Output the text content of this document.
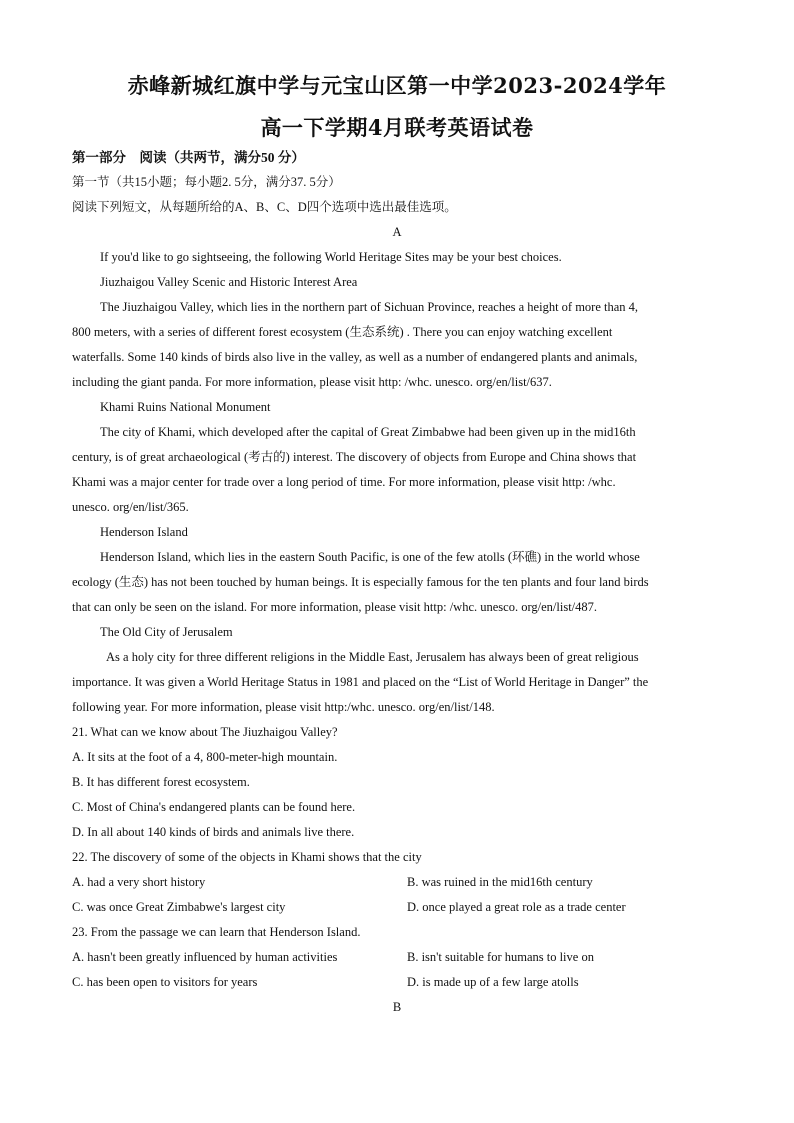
赤峰新城红旗中学与元宝山区第一中学2023-2024学年
高一下学期4月联考英语试卷
第一部分　阅读（共两节，满分50 分）
第一节（共15小题；每小题2. 5分，满分37. 5分）
阅读下列短文，从每题所给的A、B、C、D四个选项中选出最佳选项。
A
If you'd like to go sightseeing, the following World Heritage Sites may be your best choices.
Jiuzhaigou Valley Scenic and Historic Interest Area
The Jiuzhaigou Valley, which lies in the northern part of Sichuan Province, reaches a height of more than 4,
800 meters, with a series of different forest ecosystem (生态系统) . There you can enjoy watching excellent
waterfalls. Some 140 kinds of birds also live in the valley, as well as a number of endangered plants and animals,
including the giant panda. For more information, please visit http: /whc. unesco. org/en/list/637.
Khami Ruins National Monument
The city of Khami, which developed after the capital of Great Zimbabwe had been given up in the mid16th
century, is of great archaeological (考古的) interest. The discovery of objects from Europe and China shows that
Khami was a major center for trade over a long period of time. For more information, please visit http: /whc.
unesco. org/en/list/365.
Henderson Island
Henderson Island, which lies in the eastern South Pacific, is one of the few atolls (环礁) in the world whose
ecology (生态) has not been touched by human beings. It is especially famous for the ten plants and four land birds
that can only be seen on the island. For more information, please visit http: /whc. unesco. org/en/list/487.
The Old City of Jerusalem
As a holy city for three different religions in the Middle East, Jerusalem has always been of great religious
importance. It was given a World Heritage Status in 1981 and placed on the “List of World Heritage in Danger” the
following year. For more information, please visit http:/whc. unesco. org/en/list/148.
21. What can we know about The Jiuzhaigou Valley?
A. It sits at the foot of a 4, 800-meter-high mountain.
B. It has different forest ecosystem.
C. Most of China's endangered plants can be found here.
D. In all about 140 kinds of birds and animals live there.
22. The discovery of some of the objects in Khami shows that the city
A. had a very short history	B. was ruined in the mid16th century
C. was once Great Zimbabwe's largest city	D. once played a great role as a trade center
23. From the passage we can learn that Henderson Island.
A. hasn't been greatly influenced by human activities	B. isn't suitable for humans to live on
C. has been open to visitors for years	D. is made up of a few large atolls
B
